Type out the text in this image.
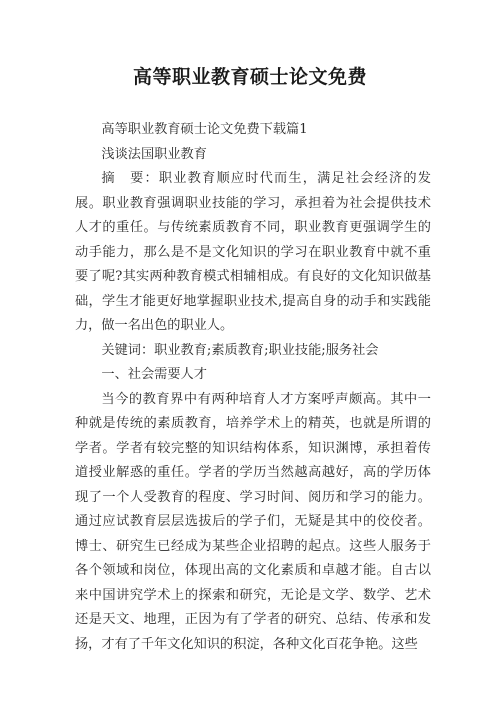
高等职业教育硕士论文免费

高等职业教育硕士论文免费下载篇1

浅谈法国职业教育

摘　要：职业教育顺应时代而生，满足社会经济的发展。职业教育强调职业技能的学习，承担着为社会提供技术人才的重任。与传统素质教育不同，职业教育更强调学生的动手能力，那么是不是文化知识的学习在职业教育中就不重要了呢?其实两种教育模式相辅相成。有良好的文化知识做基础，学生才能更好地掌握职业技术,提高自身的动手和实践能力，做一名出色的职业人。

关键词：职业教育;素质教育;职业技能;服务社会

一、社会需要人才

当今的教育界中有两种培育人才方案呼声颇高。其中一种就是传统的素质教育，培养学术上的精英，也就是所谓的学者。学者有较完整的知识结构体系，知识渊博，承担着传道授业解惑的重任。学者的学历当然越高越好，高的学历体现了一个人受教育的程度、学习时间、阅历和学习的能力。通过应试教育层层选拔后的学子们，无疑是其中的佼佼者。博士、研究生已经成为某些企业招聘的起点。这些人服务于各个领域和岗位，体现出高的文化素质和卓越才能。自古以来中国讲究学术上的探索和研究，无论是文学、数学、艺术还是天文、地理，正因为有了学者的研究、总结、传承和发扬，才有了千年文化知识的积淀，各种文化百花争艳。这些
